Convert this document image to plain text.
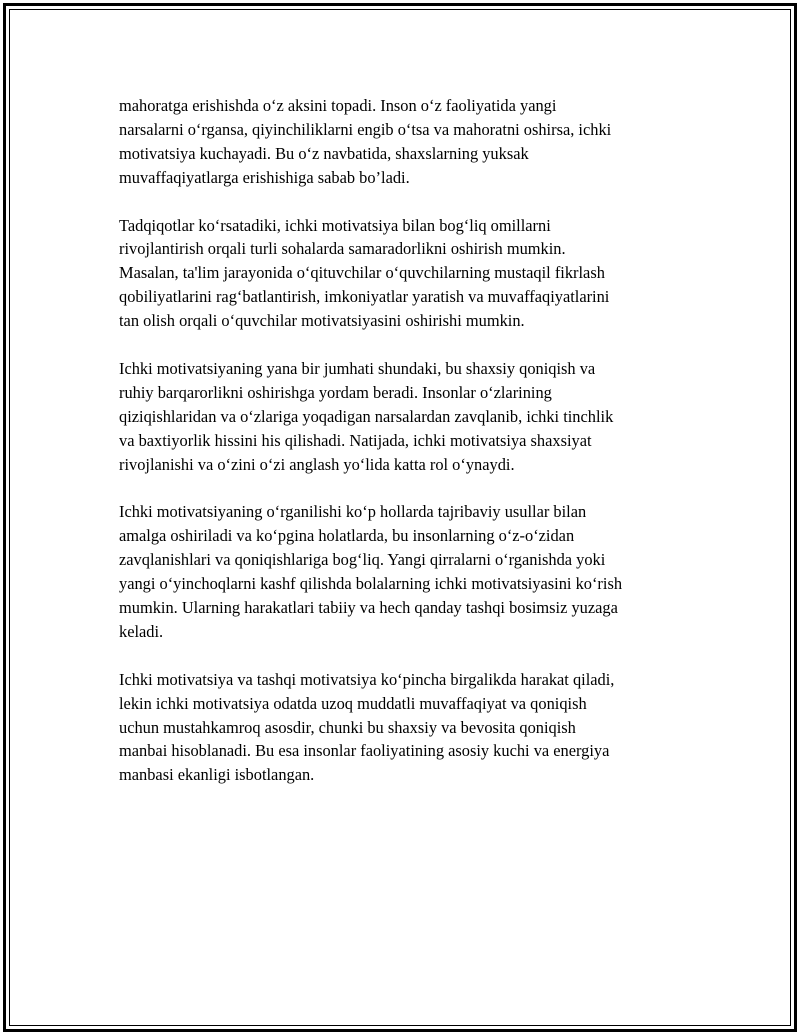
mahoratga erishishda o‘z aksini topadi. Inson o‘z faoliyatida yangi
narsalarni o‘rgansa, qiyinchiliklarni engib o‘tsa va mahoratni oshirsa, ichki
motivatsiya kuchayadi. Bu o‘z navbatida, shaxslarning yuksak
muvaffaqiyatlarga erishishiga sabab bo’ladi.

Tadqiqotlar ko‘rsatadiki, ichki motivatsiya bilan bog‘liq omillarni
rivojlantirish orqali turli sohalarda samaradorlikni oshirish mumkin.
Masalan, ta'lim jarayonida o‘qituvchilar o‘quvchilarning mustaqil fikrlash
qobiliyatlarini rag‘batlantirish, imkoniyatlar yaratish va muvaffaqiyatlarini
tan olish orqali o‘quvchilar motivatsiyasini oshirishi mumkin.

Ichki motivatsiyaning yana bir jumhati shundaki, bu shaxsiy qoniqish va
ruhiy barqarorlikni oshirishga yordam beradi. Insonlar o‘zlarining
qiziqishlaridan va o‘zlariga yoqadigan narsalardan zavqlanib, ichki tinchlik
va baxtiyorlik hissini his qilishadi. Natijada, ichki motivatsiya shaxsiyat
rivojlanishi va o‘zini o‘zi anglash yo‘lida katta rol o‘ynaydi.

Ichki motivatsiyaning o‘rganilishi ko‘p hollarda tajribaviy usullar bilan
amalga oshiriladi va ko‘pgina holatlarda, bu insonlarning o‘z-o‘zidan
zavqlanishlari va qoniqishlariga bog‘liq. Yangi qirralarni o‘rganishda yoki
yangi o‘yinchoqlarni kashf qilishda bolalarning ichki motivatsiyasini ko‘rish
mumkin. Ularning harakatlari tabiiy va hech qanday tashqi bosimsiz yuzaga
keladi.

Ichki motivatsiya va tashqi motivatsiya ko‘pincha birgalikda harakat qiladi,
lekin ichki motivatsiya odatda uzoq muddatli muvaffaqiyat va qoniqish
uchun mustahkamroq asosdir, chunki bu shaxsiy va bevosita qoniqish
manbai hisoblanadi. Bu esa insonlar faoliyatining asosiy kuchi va energiya
manbasi ekanligi isbotlangan.
